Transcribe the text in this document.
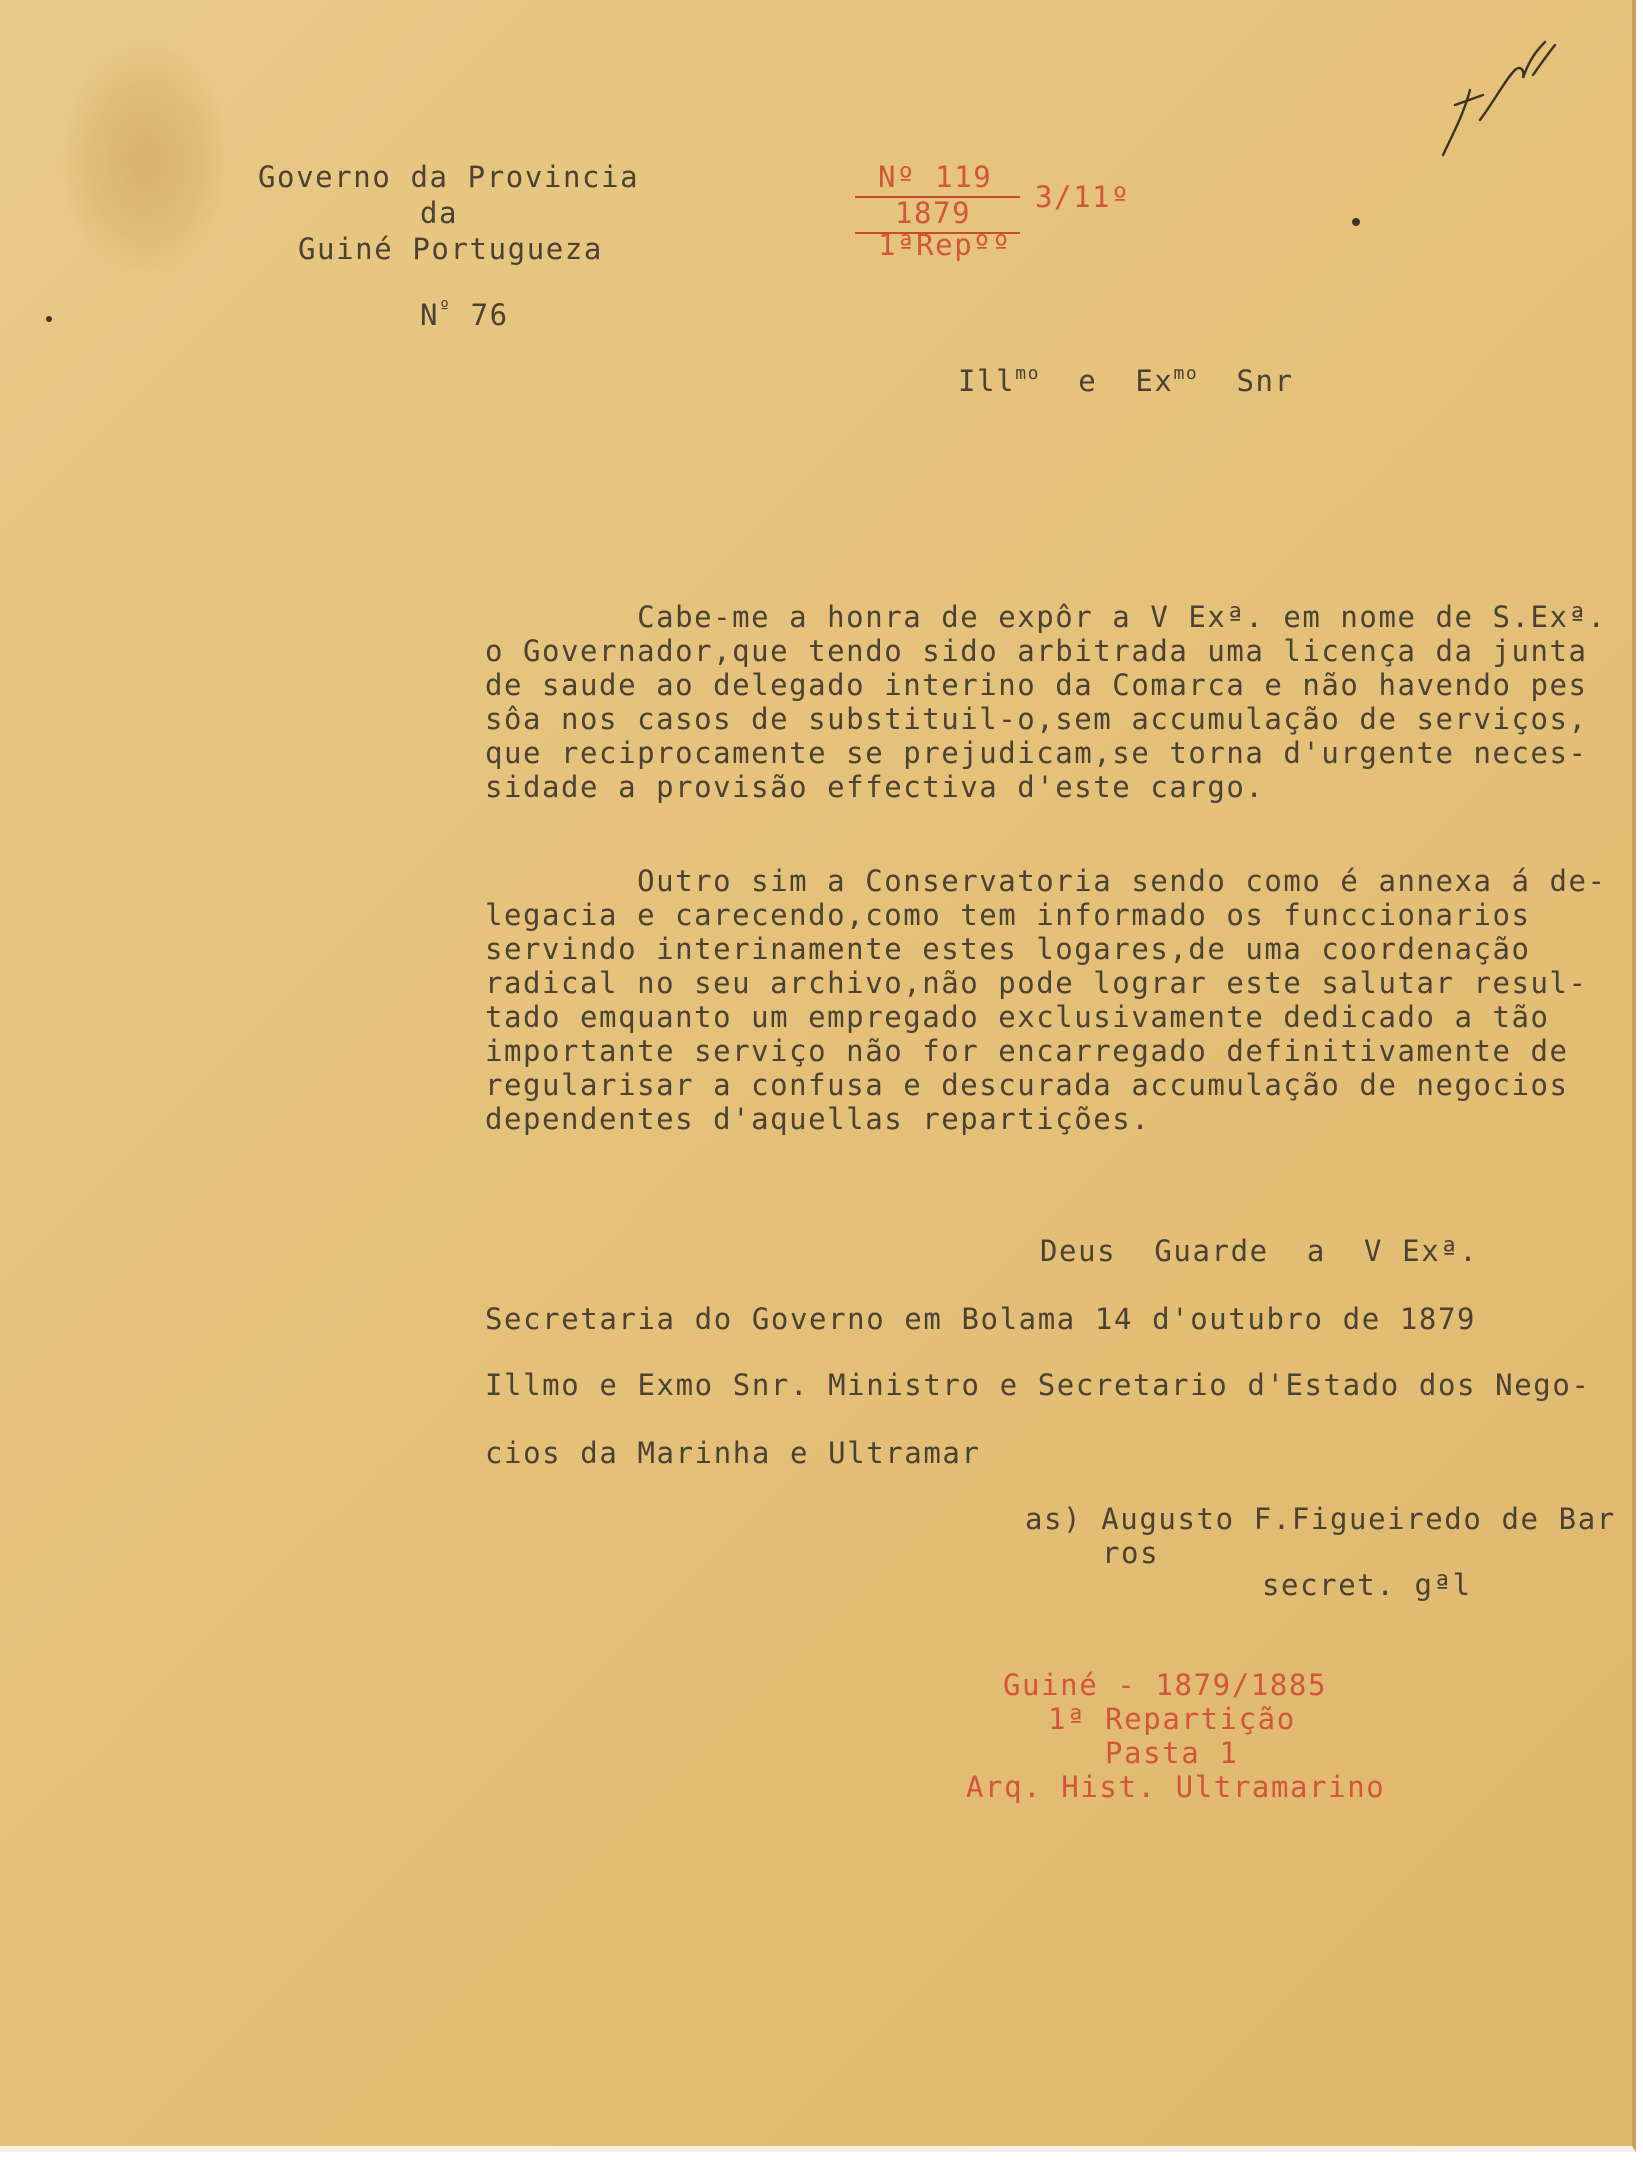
Governo da Provincia
da
Guiné Portugueza
$N^º$ 76
Nº 119
1879
1ªRepºº
3/11º
Ill$^{mo}$ e $Ex^{mo}$ Snr
Cabe-me a honra de expôr a V Exª. em nome de S.Exª.
o Governador,que tendo sido arbitrada uma licença da junta
de saude ao delegado interino da Comarca e não havendo pes
sôa nos casos de substituil-o,sem accumulação de serviços,
que reciprocamente se prejudicam,se torna d'urgente neces-
sidade a provisão effectiva d'este cargo.
Outro sim a Conservatoria sendo como é annexa á de-
legacia e carecendo,como tem informado os funccionarios
servindo interinamente estes logares,de uma coordenação
radical no seu archivo,não pode lograr este salutar resul-
tado emquanto um empregado exclusivamente dedicado a tão
importante serviço não for encarregado definitivamente de
regularisar a confusa e descurada accumulação de negocios
dependentes d'aquellas repartições.
Deus  Guarde  a  V Exª.
Secretaria do Governo em Bolama 14 d'outubro de 1879
Illmo e Exmo Snr. Ministro e Secretario d'Estado dos Nego-
cios da Marinha e Ultramar
as) Augusto F.Figueiredo de Bar
ros
secret. gªl
Guiné - 1879/1885
1ª Repartição
Pasta 1
Arq. Hist. Ultramarino
